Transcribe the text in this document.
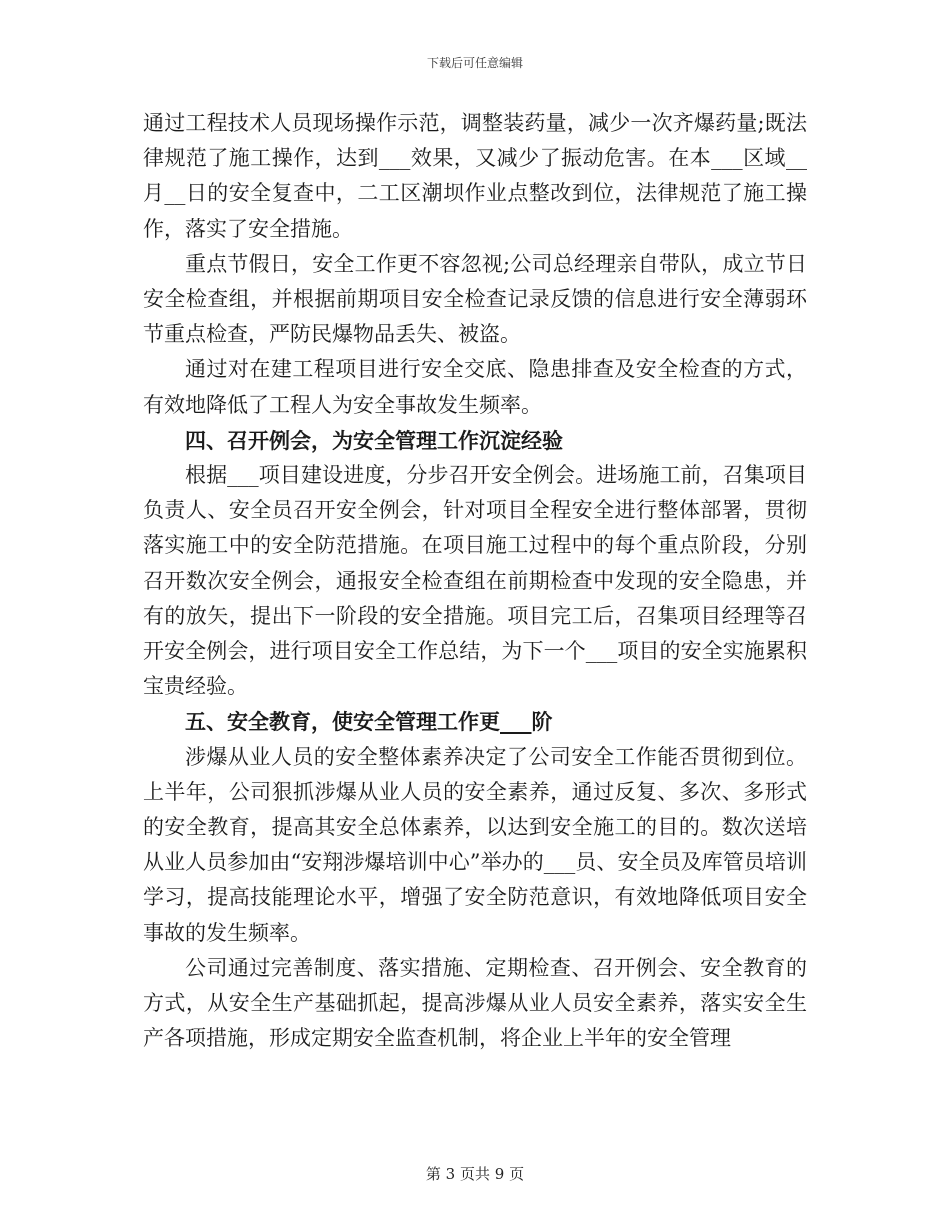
下载后可任意编辑

通过工程技术人员现场操作示范，调整装药量，减少一次齐爆药量;既法律规范了施工操作，达到___效果，又减少了振动危害。在本___区域__月__日的安全复查中，二工区潮坝作业点整改到位，法律规范了施工操作，落实了安全措施。

重点节假日，安全工作更不容忽视;公司总经理亲自带队，成立节日安全检查组，并根据前期项目安全检查记录反馈的信息进行安全薄弱环节重点检查，严防民爆物品丢失、被盗。

通过对在建工程项目进行安全交底、隐患排查及安全检查的方式，有效地降低了工程人为安全事故发生频率。

四、召开例会，为安全管理工作沉淀经验

根据___项目建设进度，分步召开安全例会。进场施工前，召集项目负责人、安全员召开安全例会，针对项目全程安全进行整体部署，贯彻落实施工中的安全防范措施。在项目施工过程中的每个重点阶段，分别召开数次安全例会，通报安全检查组在前期检查中发现的安全隐患，并有的放矢，提出下一阶段的安全措施。项目完工后，召集项目经理等召开安全例会，进行项目安全工作总结，为下一个___项目的安全实施累积宝贵经验。

五、安全教育，使安全管理工作更___阶

涉爆从业人员的安全整体素养决定了公司安全工作能否贯彻到位。上半年，公司狠抓涉爆从业人员的安全素养，通过反复、多次、多形式的安全教育，提高其安全总体素养，以达到安全施工的目的。数次送培从业人员参加由“安翔涉爆培训中心”举办的___员、安全员及库管员培训学习，提高技能理论水平，增强了安全防范意识，有效地降低项目安全事故的发生频率。

公司通过完善制度、落实措施、定期检查、召开例会、安全教育的方式，从安全生产基础抓起，提高涉爆从业人员安全素养，落实安全生产各项措施，形成定期安全监查机制，将企业上半年的安全管理

第 3 页共 9 页
